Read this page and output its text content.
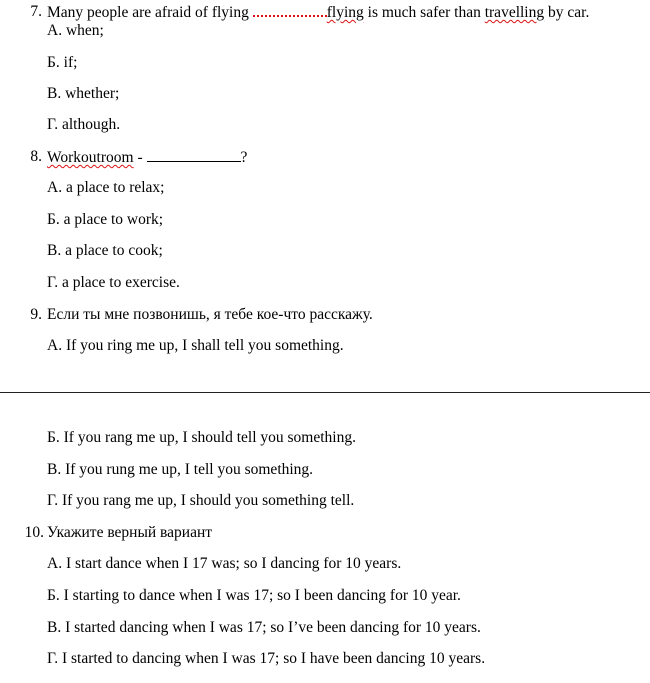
7. Many people are afraid of flying	flying is much safer than travelling by car.
А. when;
Б. if;
В. whether;
Г. although.
8. Workoutroom -	?
А. a place to relax;
Б. a place to work;
В. a place to cook;
Г. a place to exercise.
9. Если ты мне позвонишь, я тебе кое-что расскажу.
А. If you ring me up, I shall tell you something.
Б. If you rang me up, I should tell you something.
В. If you rung me up, I tell you something.
Г. If you rang me up, I should you something tell.
10. Укажите верный вариант
А. I start dance when I 17 was; so I dancing for 10 years.
Б. I starting to dance when I was 17; so I been dancing for 10 year.
В. I started dancing when I was 17; so I’ve been dancing for 10 years.
Г. I started to dancing when I was 17; so I have been dancing 10 years.
